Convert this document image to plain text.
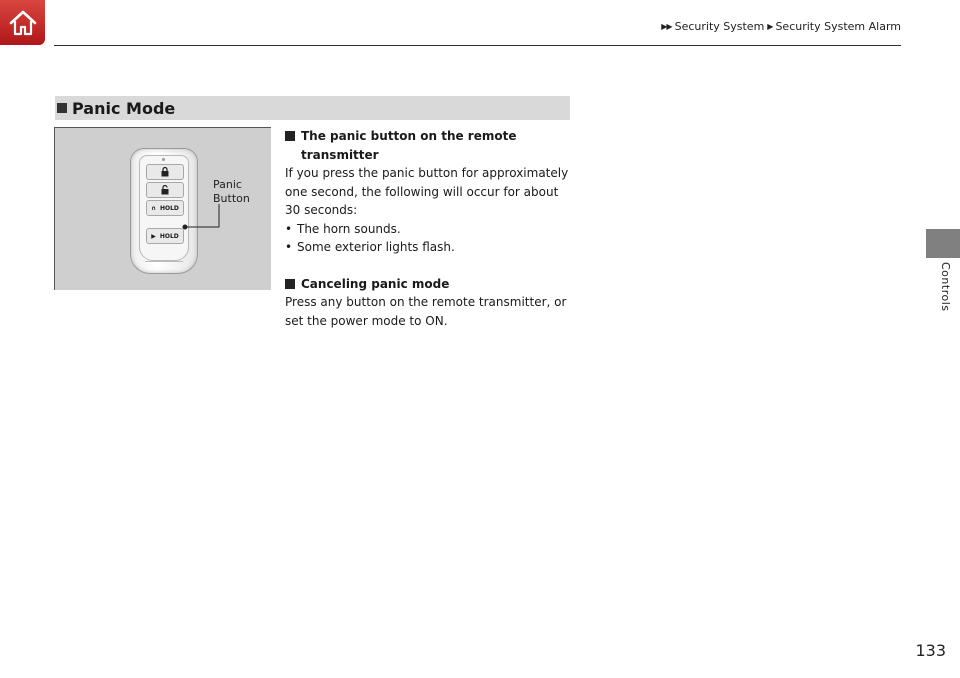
▶▶ Security System ▶ Security System Alarm
Controls
Panic Mode
∩ HOLD
▶ HOLD
Panic
Button
The panic button on the remote transmitter

If you press the panic button for approximately one second, the following will occur for about 30 seconds:

• The horn sounds.
• Some exterior lights flash.
Canceling panic mode

Press any button on the remote transmitter, or set the power mode to ON.

133
